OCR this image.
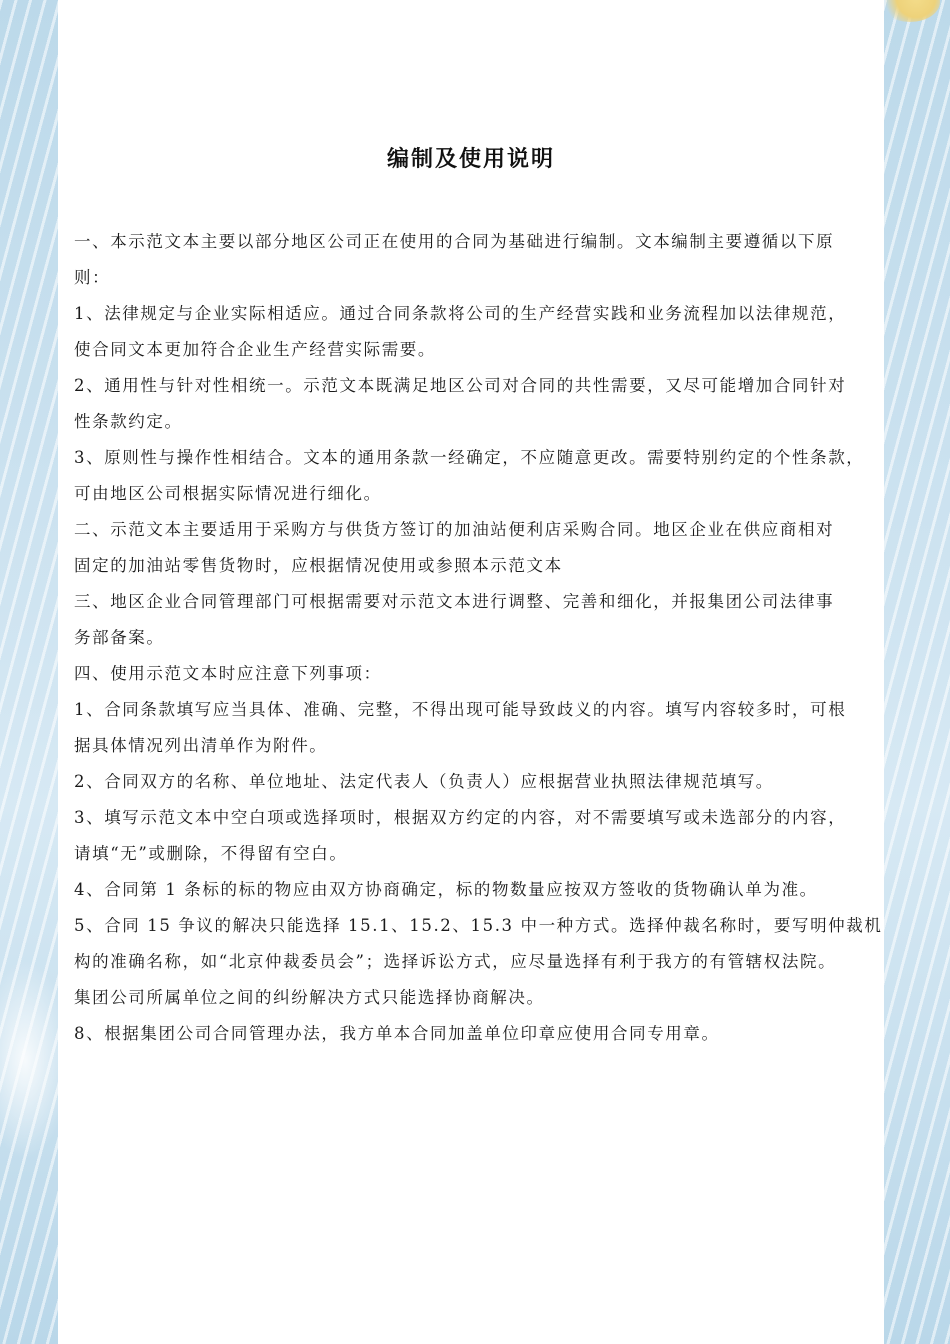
编制及使用说明
一、本示范文本主要以部分地区公司正在使用的合同为基础进行编制。文本编制主要遵循以下原
则：
1、法律规定与企业实际相适应。通过合同条款将公司的生产经营实践和业务流程加以法律规范，
使合同文本更加符合企业生产经营实际需要。
2、通用性与针对性相统一。示范文本既满足地区公司对合同的共性需要，又尽可能增加合同针对
性条款约定。
3、原则性与操作性相结合。文本的通用条款一经确定，不应随意更改。需要特别约定的个性条款，
可由地区公司根据实际情况进行细化。
二、示范文本主要适用于采购方与供货方签订的加油站便利店采购合同。地区企业在供应商相对
固定的加油站零售货物时，应根据情况使用或参照本示范文本
三、地区企业合同管理部门可根据需要对示范文本进行调整、完善和细化，并报集团公司法律事
务部备案。
四、使用示范文本时应注意下列事项：
1、合同条款填写应当具体、准确、完整，不得出现可能导致歧义的内容。填写内容较多时，可根
据具体情况列出清单作为附件。
2、合同双方的名称、单位地址、法定代表人（负责人）应根据营业执照法律规范填写。
3、填写示范文本中空白项或选择项时，根据双方约定的内容，对不需要填写或未选部分的内容，
请填“无”或删除，不得留有空白。
4、合同第 1 条标的标的物应由双方协商确定，标的物数量应按双方签收的货物确认单为准。
5、合同 15 争议的解决只能选择 15.1、15.2、15.3 中一种方式。选择仲裁名称时，要写明仲裁机
构的准确名称，如“北京仲裁委员会”；选择诉讼方式，应尽量选择有利于我方的有管辖权法院。
集团公司所属单位之间的纠纷解决方式只能选择协商解决。
8、根据集团公司合同管理办法，我方单本合同加盖单位印章应使用合同专用章。
